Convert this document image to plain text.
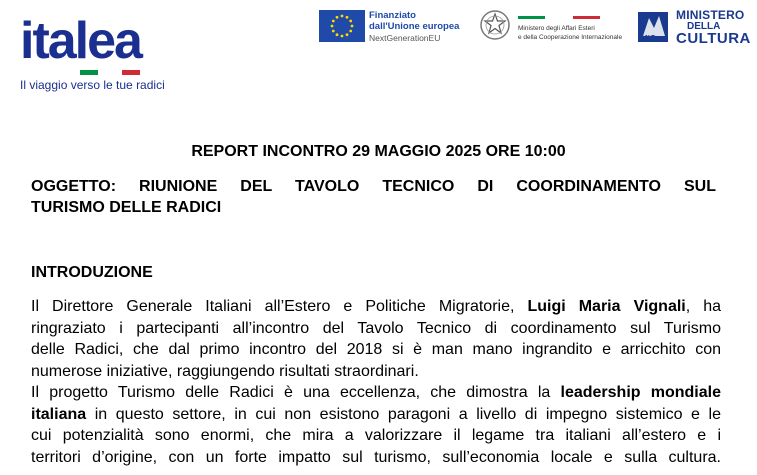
italea
Il viaggio verso le tue radici
Finanziato
dall'Unione europea
NextGenerationEU
Ministero degli Affari Esteri
e della Cooperazione Internazionale MiC
MINISTERO
DELLA
CULTURA
REPORT INCONTRO 29 MAGGIO 2025 ORE 10:00
OGGETTO: RIUNIONE DEL TAVOLO TECNICO DI COORDINAMENTO SUL
TURISMO DELLE RADICI
INTRODUZIONE
Il Direttore Generale Italiani all’Estero e Politiche Migratorie, Luigi Maria Vignali, ha
ringraziato i partecipanti all’incontro del Tavolo Tecnico di coordinamento sul Turismo
delle Radici, che dal primo incontro del 2018 si è man mano ingrandito e arricchito con
numerose iniziative, raggiungendo risultati straordinari.
Il progetto Turismo delle Radici è una eccellenza, che dimostra la leadership mondiale
italiana in questo settore, in cui non esistono paragoni a livello di impegno sistemico e le
cui potenzialità sono enormi, che mira a valorizzare il legame tra italiani all’estero e i
territori d’origine, con un forte impatto sul turismo, sull’economia locale e sulla cultura.
